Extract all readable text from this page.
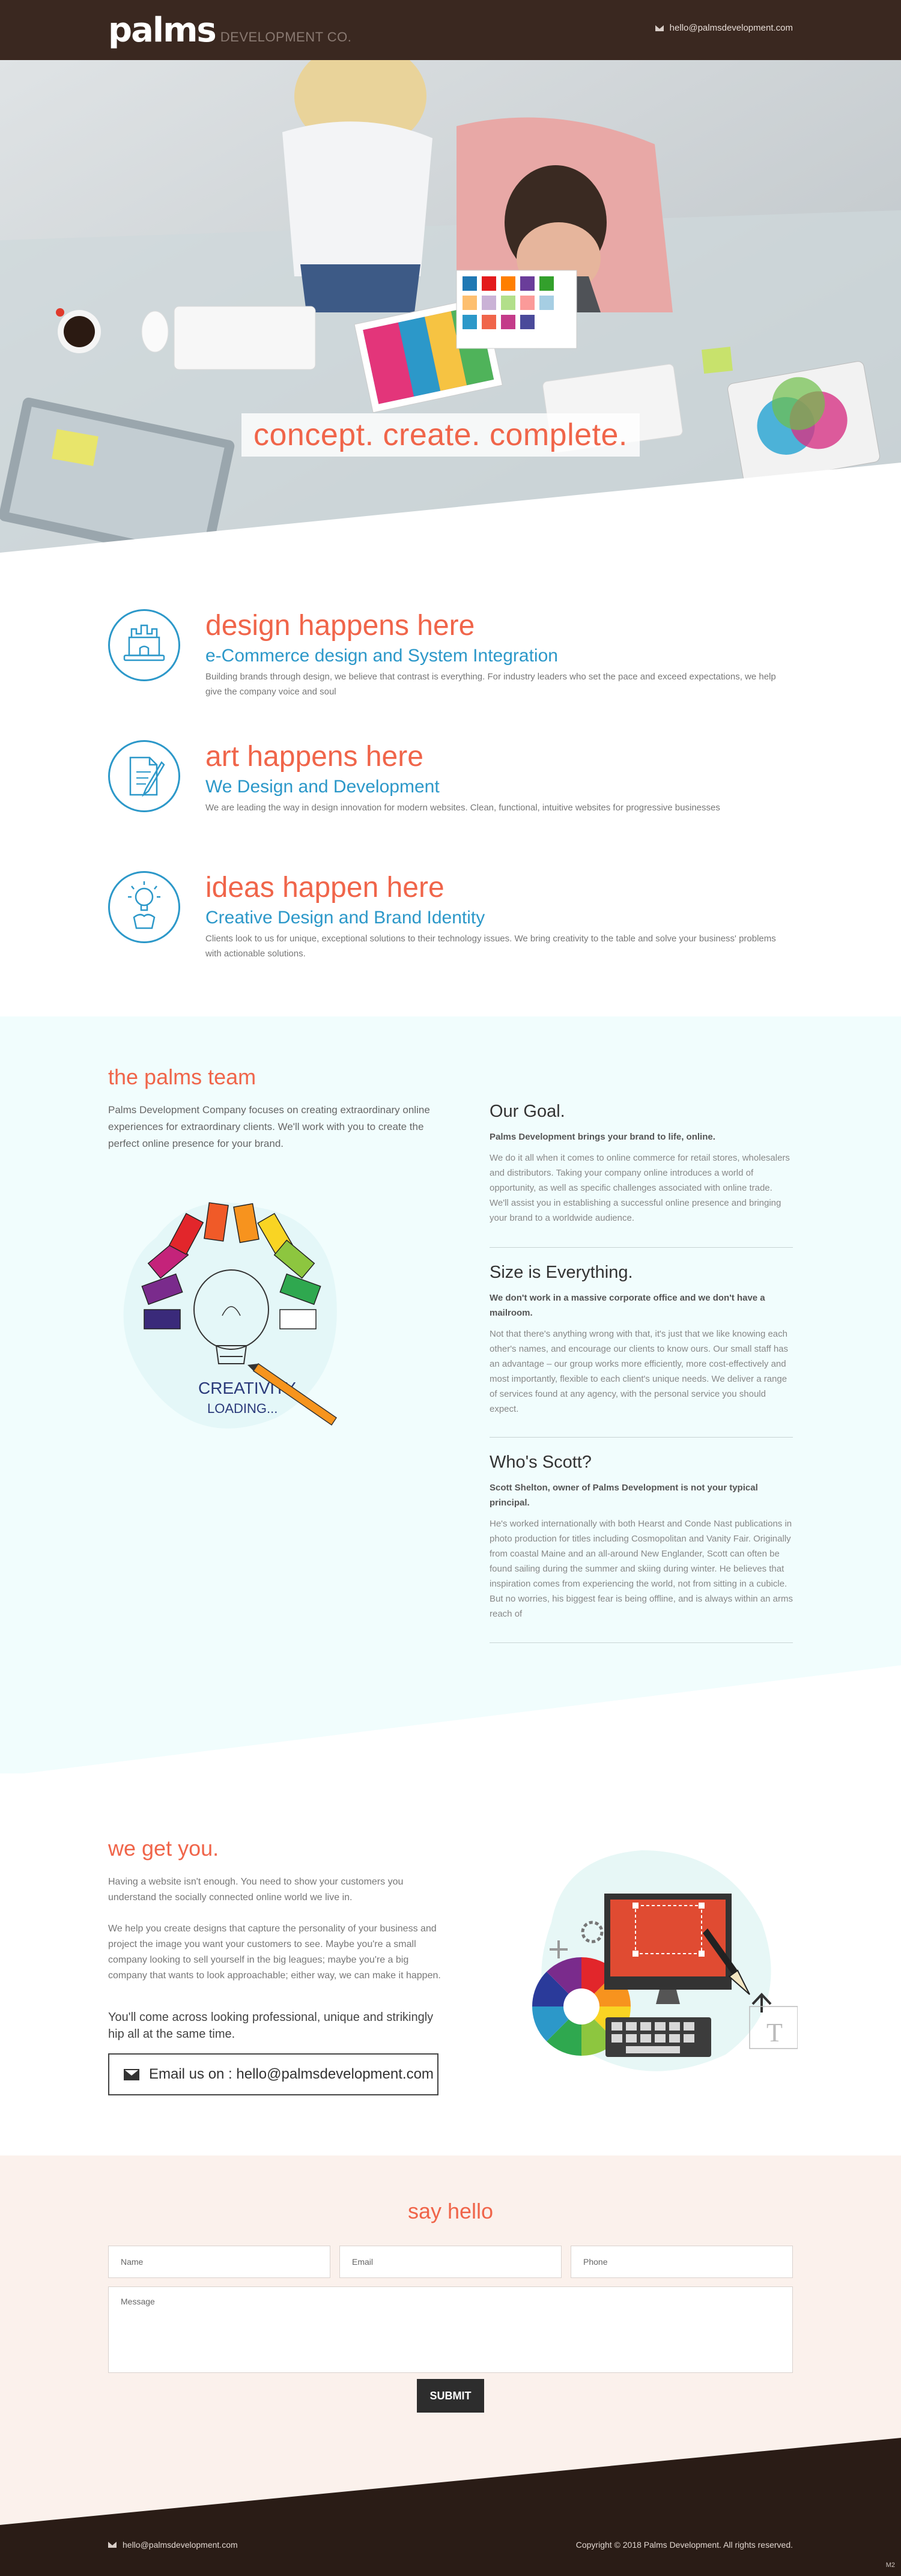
palms DEVELOPMENT CO.
hello@palmsdevelopment.com
concept. create. complete.
design happens here
e-Commerce design and System Integration
Building brands through design, we believe that contrast is everything. For industry leaders who set the pace and exceed expectations, we help give the company voice and soul
art happens here
We Design and Development
We are leading the way in design innovation for modern websites. Clean, functional, intuitive websites for progressive businesses
ideas happen here
Creative Design and Brand Identity
Clients look to us for unique, exceptional solutions to their technology issues. We bring creativity to the table and solve your business' problems with actionable solutions.
the palms team
Palms Development Company focuses on creating extraordinary online experiences for extraordinary clients. We'll work with you to create the perfect online presence for your brand.
CREATIVITY
LOADING...
Our Goal.
Palms Development brings your brand to life, online.
We do it all when it comes to online commerce for retail stores, wholesalers and distributors. Taking your company online introduces a world of opportunity, as well as specific challenges associated with online trade. We'll assist you in establishing a successful online presence and bringing your brand to a worldwide audience.
Size is Everything.
We don't work in a massive corporate office and we don't have a mailroom.
Not that there's anything wrong with that, it's just that we like knowing each other's names, and encourage our clients to know ours. Our small staff has an advantage – our group works more efficiently, more cost-effectively and most importantly, flexible to each client's unique needs. We deliver a range of services found at any agency, with the personal service you should expect.
Who's Scott?
Scott Shelton, owner of Palms Development is not your typical principal.
He's worked internationally with both Hearst and Conde Nast publications in photo production for titles including Cosmopolitan and Vanity Fair. Originally from coastal Maine and an all-around New Englander, Scott can often be found sailing during the summer and skiing during winter. He believes that inspiration comes from experiencing the world, not from sitting in a cubicle. But no worries, his biggest fear is being offline, and is always within an arms reach of
we get you.
Having a website isn't enough. You need to show your customers you understand the socially connected online world we live in.
We help you create designs that capture the personality of your business and project the image you want your customers to see. Maybe you're a small company looking to sell yourself in the big leagues; maybe you're a big company that wants to look approachable; either way, we can make it happen.
You'll come across looking professional, unique and strikingly hip all at the same time.
Email us on : hello@palmsdevelopment.com
T
say hello
Name
Email
Phone
Message
SUBMIT
hello@palmsdevelopment.com	Copyright © 2018 Palms Development. All rights reserved.
M2
